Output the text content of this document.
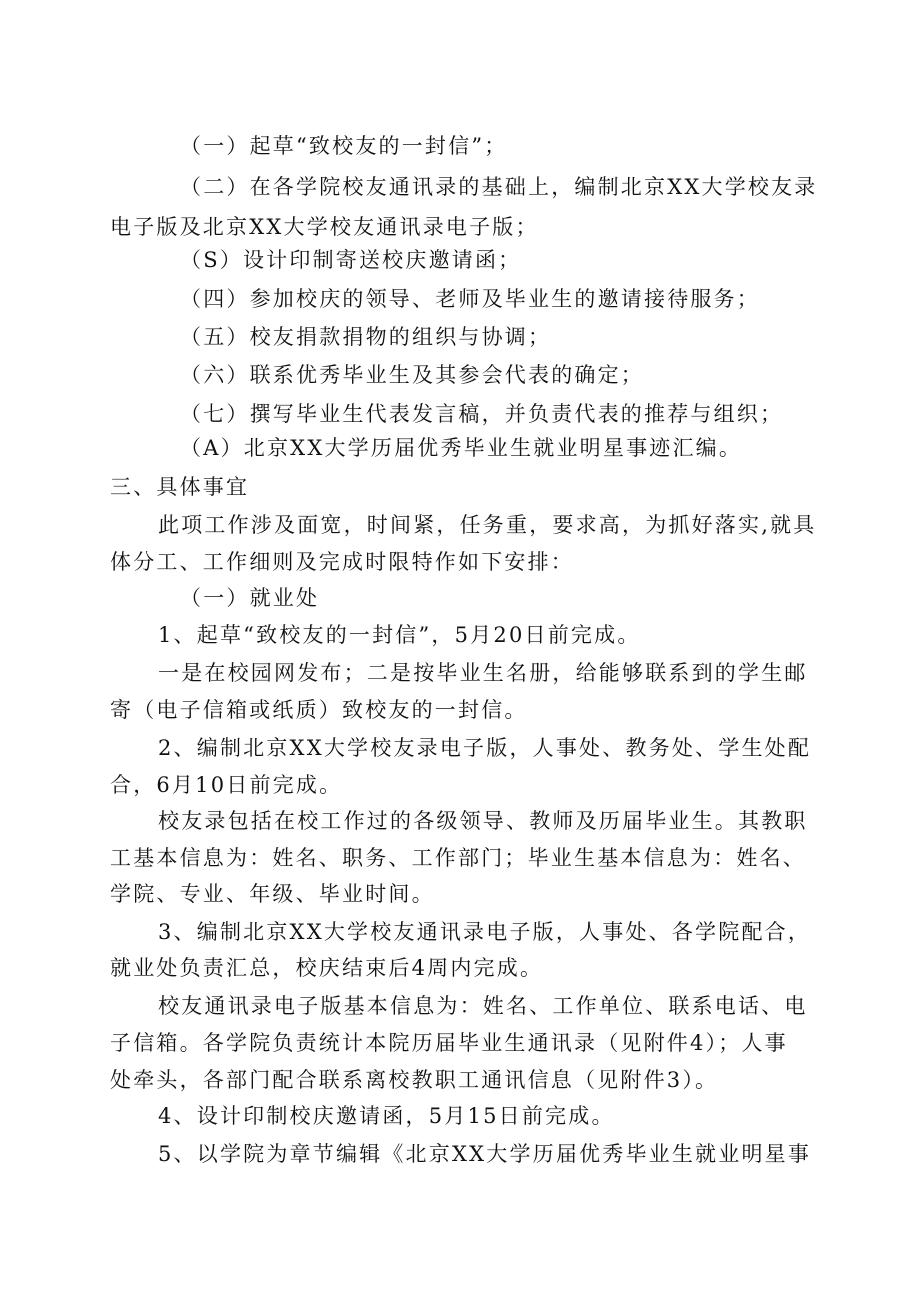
（一）起草“致校友的一封信”；
（二）在各学院校友通讯录的基础上，编制北京XX大学校友录
电子版及北京XX大学校友通讯录电子版；
（S）设计印制寄送校庆邀请函；
（四）参加校庆的领导、老师及毕业生的邀请接待服务；
（五）校友捐款捐物的组织与协调；
（六）联系优秀毕业生及其参会代表的确定；
（七）撰写毕业生代表发言稿，并负责代表的推荐与组织；
（A）北京XX大学历届优秀毕业生就业明星事迹汇编。
三、具体事宜
此项工作涉及面宽，时间紧，任务重，要求高，为抓好落实,就具
体分工、工作细则及完成时限特作如下安排：
（一）就业处
1、起草“致校友的一封信”，5月20日前完成。
一是在校园网发布；二是按毕业生名册，给能够联系到的学生邮
寄（电子信箱或纸质）致校友的一封信。
2、编制北京XX大学校友录电子版，人事处、教务处、学生处配
合，6月10日前完成。
校友录包括在校工作过的各级领导、教师及历届毕业生。其教职
工基本信息为：姓名、职务、工作部门；毕业生基本信息为：姓名、
学院、专业、年级、毕业时间。
3、编制北京XX大学校友通讯录电子版，人事处、各学院配合，
就业处负责汇总，校庆结束后4周内完成。
校友通讯录电子版基本信息为：姓名、工作单位、联系电话、电
子信箱。各学院负责统计本院历届毕业生通讯录（见附件4）；人事
处牵头，各部门配合联系离校教职工通讯信息（见附件3）。
4、设计印制校庆邀请函，5月15日前完成。
5、以学院为章节编辑《北京XX大学历届优秀毕业生就业明星事
